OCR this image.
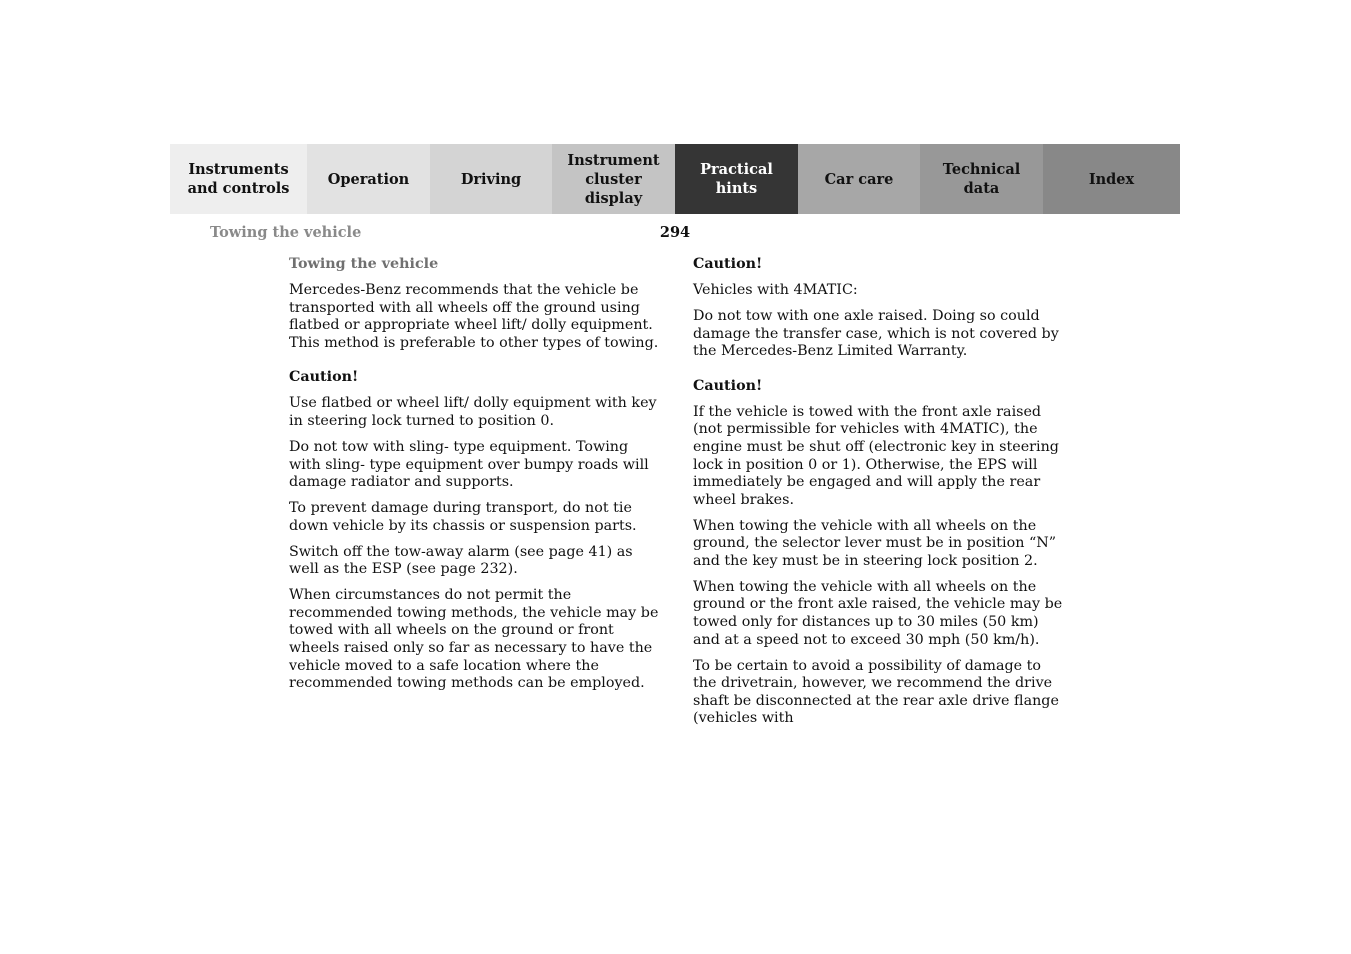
Instruments
and controls
Operation	Driving
Instrument
cluster display
Practical hints
Car care
Technical
data
Index
Towing the vehicle	294
Towing the vehicle

Mercedes-Benz recommends that the vehicle be transported with all wheels off the ground using flatbed or appropriate wheel lift/ dolly equipment. This method is preferable to other types of towing.

Caution!

Use flatbed or wheel lift/ dolly equipment with key in steering lock turned to position 0.

Do not tow with sling- type equipment. Towing with sling- type equipment over bumpy roads will damage radiator and supports.

To prevent damage during transport, do not tie down vehicle by its chassis or suspension parts.

Switch off the tow-away alarm (see page 41) as well as the ESP (see page 232).

When circumstances do not permit the recommended towing methods, the vehicle may be towed with all wheels on the ground or front wheels raised only so far as necessary to have the vehicle moved to a safe location where the recommended towing methods can be employed.

Caution!

Vehicles with 4MATIC:

Do not tow with one axle raised. Doing so could damage the transfer case, which is not covered by the Mercedes-Benz Limited Warranty.

Caution!

If the vehicle is towed with the front axle raised (not permissible for vehicles with 4MATIC), the engine must be shut off (electronic key in steering lock in position 0 or 1). Otherwise, the EPS will immediately be engaged and will apply the rear wheel brakes.

When towing the vehicle with all wheels on the ground, the selector lever must be in position “N” and the key must be in steering lock position 2.

When towing the vehicle with all wheels on the ground or the front axle raised, the vehicle may be towed only for distances up to 30 miles (50 km) and at a speed not to exceed 30 mph (50 km/h).

To be certain to avoid a possibility of damage to the drivetrain, however, we recommend the drive shaft be disconnected at the rear axle drive flange (vehicles with
